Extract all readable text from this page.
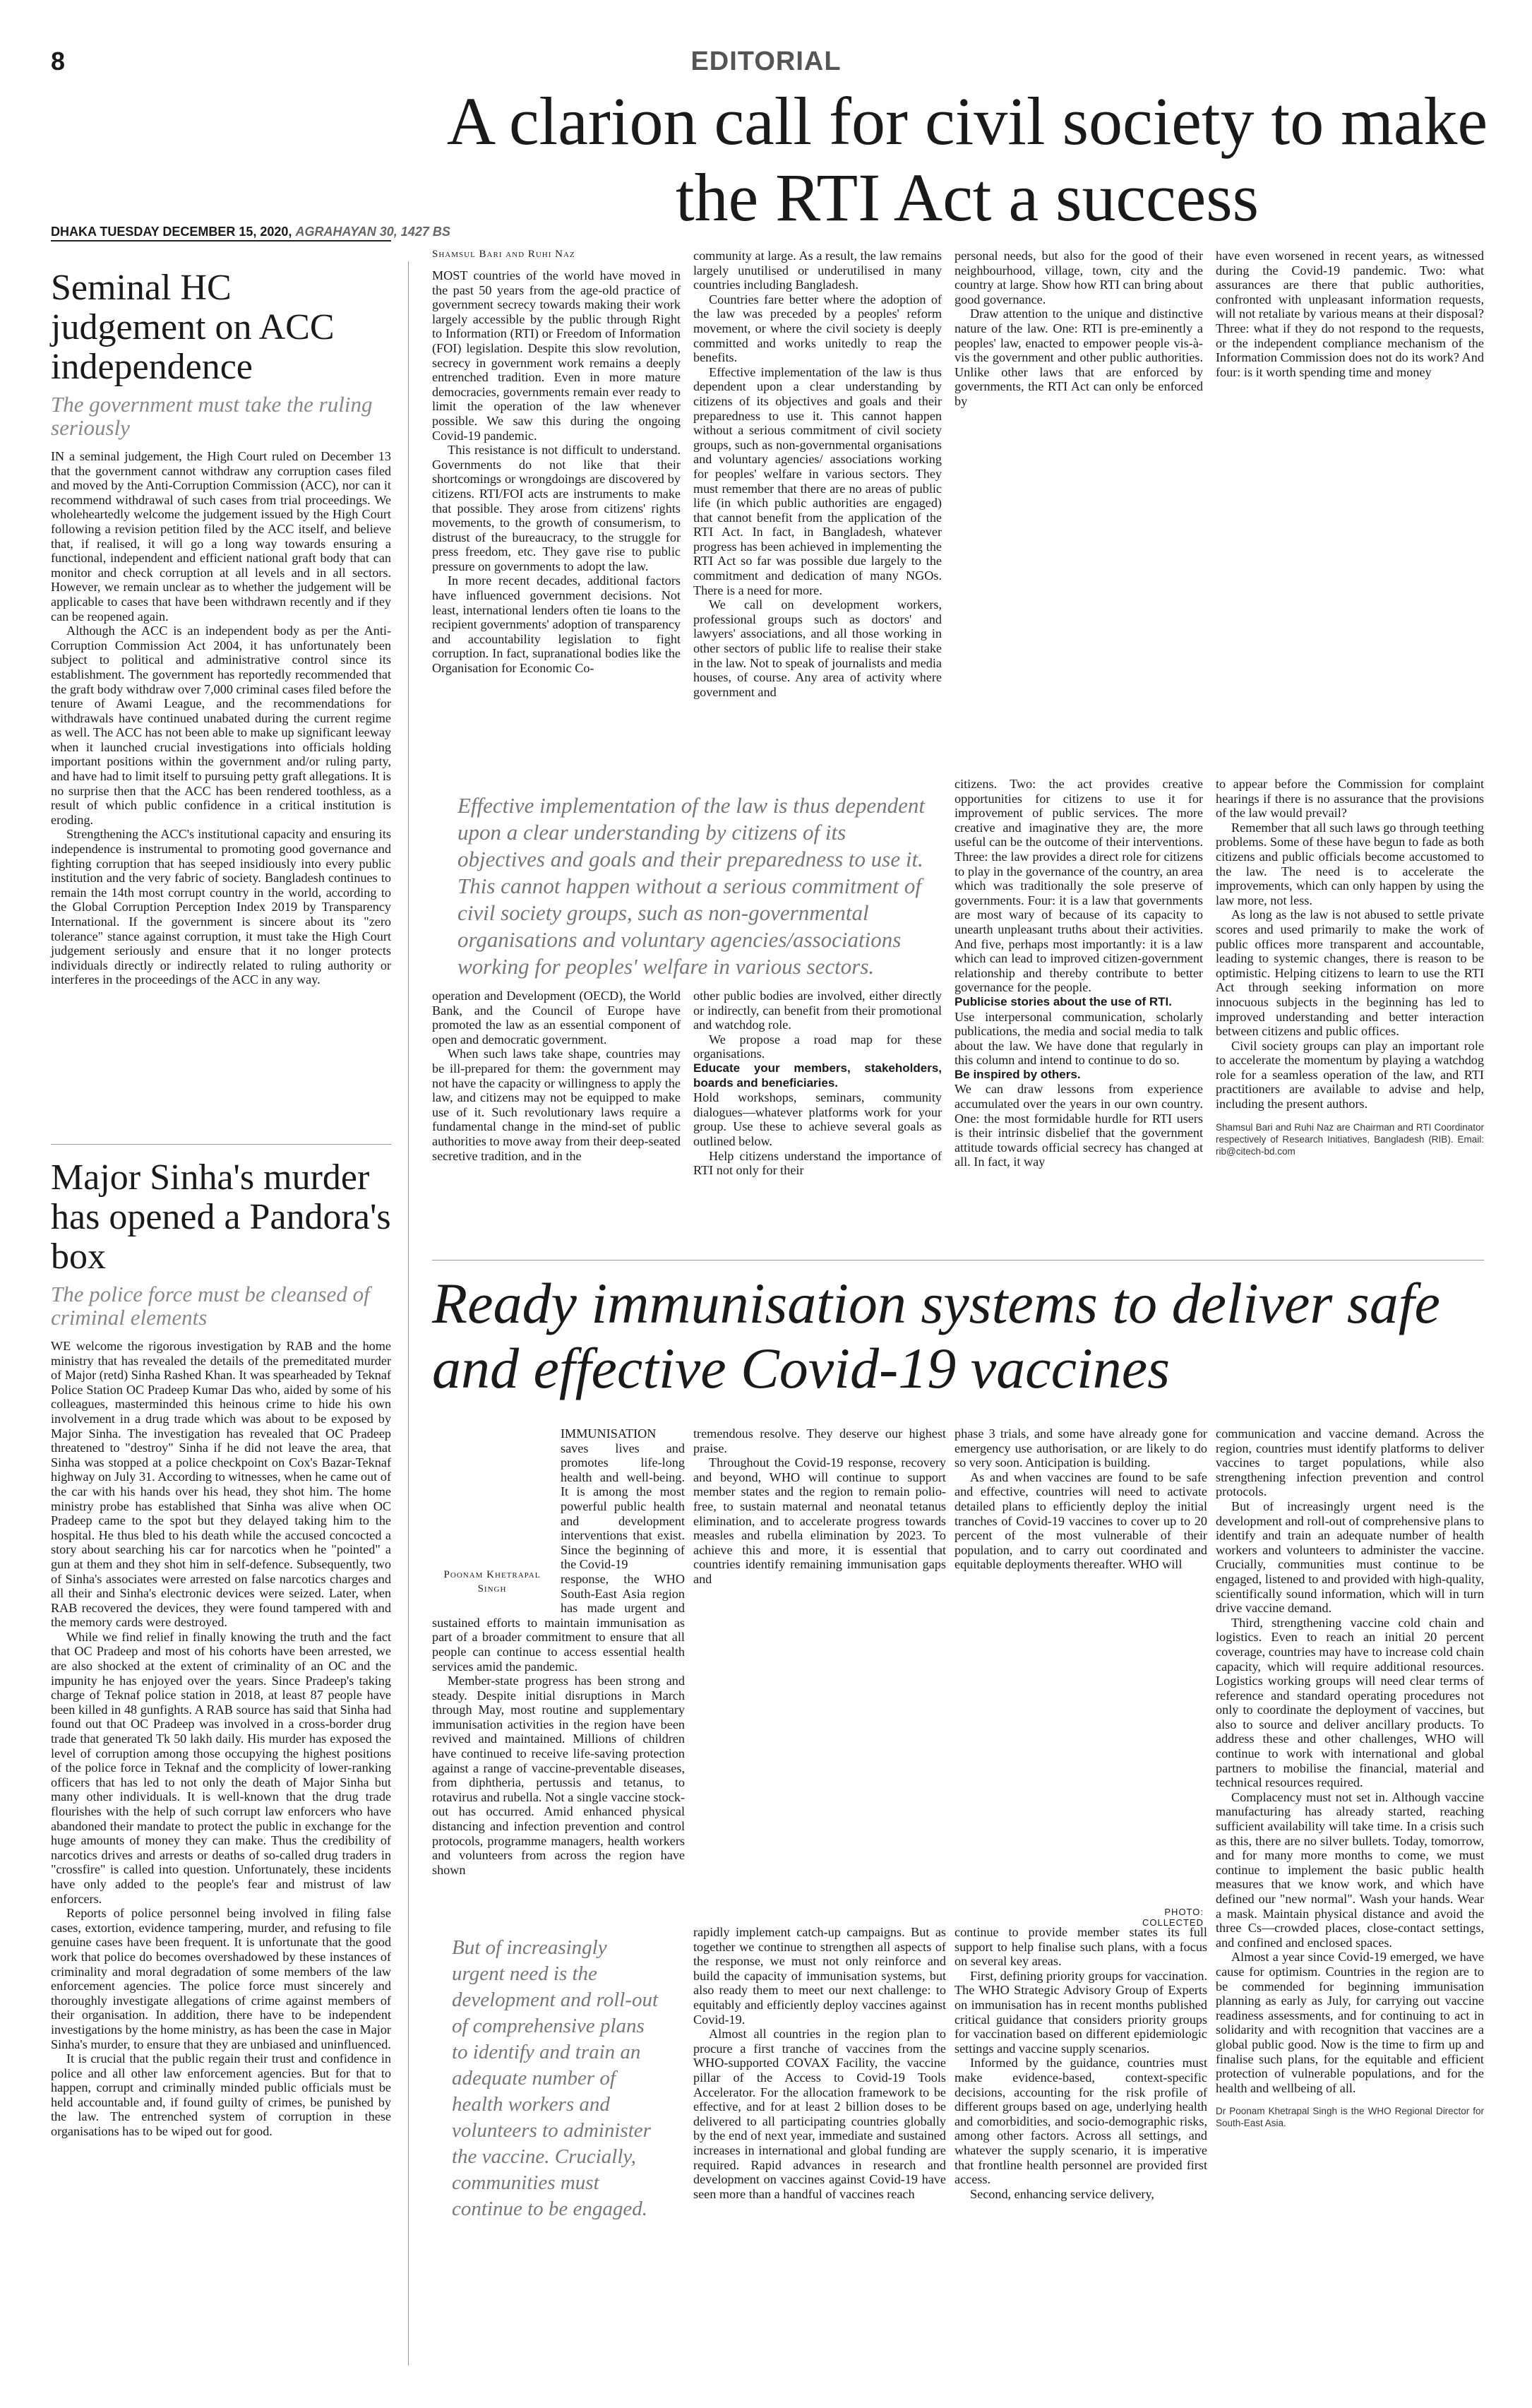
8	EDITORIAL
A clarion call for civil society to make the RTI Act a success
DHAKA TUESDAY DECEMBER 15, 2020, AGRAHAYAN 30, 1427 BS
Seminal HC judgement on ACC independence
The government must take the ruling seriously

IN a seminal judgement, the High Court ruled on December 13 that the government cannot withdraw any corruption cases filed and moved by the Anti-Corruption Commission (ACC), nor can it recommend withdrawal of such cases from trial proceedings. We wholeheartedly welcome the judgement issued by the High Court following a revision petition filed by the ACC itself, and believe that, if realised, it will go a long way towards ensuring a functional, independent and efficient national graft body that can monitor and check corruption at all levels and in all sectors. However, we remain unclear as to whether the judgement will be applicable to cases that have been withdrawn recently and if they can be reopened again.

Although the ACC is an independent body as per the Anti-Corruption Commission Act 2004, it has unfortunately been subject to political and administrative control since its establishment. The government has reportedly recommended that the graft body withdraw over 7,000 criminal cases filed before the tenure of Awami League, and the recommendations for withdrawals have continued unabated during the current regime as well. The ACC has not been able to make up significant leeway when it launched crucial investigations into officials holding important positions within the government and/or ruling party, and have had to limit itself to pursuing petty graft allegations. It is no surprise then that the ACC has been rendered toothless, as a result of which public confidence in a critical institution is eroding.

Strengthening the ACC's institutional capacity and ensuring its independence is instrumental to promoting good governance and fighting corruption that has seeped insidiously into every public institution and the very fabric of society. Bangladesh continues to remain the 14th most corrupt country in the world, according to the Global Corruption Perception Index 2019 by Transparency International. If the government is sincere about its "zero tolerance" stance against corruption, it must take the High Court judgement seriously and ensure that it no longer protects individuals directly or indirectly related to ruling authority or interferes in the proceedings of the ACC in any way.

Major Sinha's murder has opened a Pandora's box
The police force must be cleansed of criminal elements

WE welcome the rigorous investigation by RAB and the home ministry that has revealed the details of the premeditated murder of Major (retd) Sinha Rashed Khan. It was spearheaded by Teknaf Police Station OC Pradeep Kumar Das who, aided by some of his colleagues, masterminded this heinous crime to hide his own involvement in a drug trade which was about to be exposed by Major Sinha. The investigation has revealed that OC Pradeep threatened to "destroy" Sinha if he did not leave the area, that Sinha was stopped at a police checkpoint on Cox's Bazar-Teknaf highway on July 31. According to witnesses, when he came out of the car with his hands over his head, they shot him. The home ministry probe has established that Sinha was alive when OC Pradeep came to the spot but they delayed taking him to the hospital. He thus bled to his death while the accused concocted a story about searching his car for narcotics when he "pointed" a gun at them and they shot him in self-defence. Subsequently, two of Sinha's associates were arrested on false narcotics charges and all their and Sinha's electronic devices were seized. Later, when RAB recovered the devices, they were found tampered with and the memory cards were destroyed.

While we find relief in finally knowing the truth and the fact that OC Pradeep and most of his cohorts have been arrested, we are also shocked at the extent of criminality of an OC and the impunity he has enjoyed over the years. Since Pradeep's taking charge of Teknaf police station in 2018, at least 87 people have been killed in 48 gunfights. A RAB source has said that Sinha had found out that OC Pradeep was involved in a cross-border drug trade that generated Tk 50 lakh daily. His murder has exposed the level of corruption among those occupying the highest positions of the police force in Teknaf and the complicity of lower-ranking officers that has led to not only the death of Major Sinha but many other individuals. It is well-known that the drug trade flourishes with the help of such corrupt law enforcers who have abandoned their mandate to protect the public in exchange for the huge amounts of money they can make. Thus the credibility of narcotics drives and arrests or deaths of so-called drug traders in "crossfire" is called into question. Unfortunately, these incidents have only added to the people's fear and mistrust of law enforcers.

Reports of police personnel being involved in filing false cases, extortion, evidence tampering, murder, and refusing to file genuine cases have been frequent. It is unfortunate that the good work that police do becomes overshadowed by these instances of criminality and moral degradation of some members of the law enforcement agencies. The police force must sincerely and thoroughly investigate allegations of crime against members of their organisation. In addition, there have to be independent investigations by the home ministry, as has been the case in Major Sinha's murder, to ensure that they are unbiased and uninfluenced.

It is crucial that the public regain their trust and confidence in police and all other law enforcement agencies. But for that to happen, corrupt and criminally minded public officials must be held accountable and, if found guilty of crimes, be punished by the law. The entrenched system of corruption in these organisations has to be wiped out for good.

Shamsul Bari and Ruhi Naz

MOST countries of the world have moved in the past 50 years from the age-old practice of government secrecy towards making their work largely accessible by the public through Right to Information (RTI) or Freedom of Information (FOI) legislation. Despite this slow revolution, secrecy in government work remains a deeply entrenched tradition. Even in more mature democracies, governments remain ever ready to limit the operation of the law whenever possible. We saw this during the ongoing Covid-19 pandemic.

This resistance is not difficult to understand. Governments do not like that their shortcomings or wrongdoings are discovered by citizens. RTI/FOI acts are instruments to make that possible. They arose from citizens' rights movements, to the growth of consumerism, to distrust of the bureaucracy, to the struggle for press freedom, etc. They gave rise to public pressure on governments to adopt the law.

In more recent decades, additional factors have influenced government decisions. Not least, international lenders often tie loans to the recipient governments' adoption of transparency and accountability legislation to fight corruption. In fact, supranational bodies like the Organisation for Economic Co-

community at large. As a result, the law remains largely unutilised or underutilised in many countries including Bangladesh.

Countries fare better where the adoption of the law was preceded by a peoples' reform movement, or where the civil society is deeply committed and works unitedly to reap the benefits.

Effective implementation of the law is thus dependent upon a clear understanding by citizens of its objectives and goals and their preparedness to use it. This cannot happen without a serious commitment of civil society groups, such as non-governmental organisations and voluntary agencies/ associations working for peoples' welfare in various sectors. They must remember that there are no areas of public life (in which public authorities are engaged) that cannot benefit from the application of the RTI Act. In fact, in Bangladesh, whatever progress has been achieved in implementing the RTI Act so far was possible due largely to the commitment and dedication of many NGOs. There is a need for more.

We call on development workers, professional groups such as doctors' and lawyers' associations, and all those working in other sectors of public life to realise their stake in the law. Not to speak of journalists and media houses, of course. Any area of activity where government and

personal needs, but also for the good of their neighbourhood, village, town, city and the country at large. Show how RTI can bring about good governance.

Draw attention to the unique and distinctive nature of the law. One: RTI is pre-eminently a peoples' law, enacted to empower people vis-à-vis the government and other public authorities. Unlike other laws that are enforced by governments, the RTI Act can only be enforced by

have even worsened in recent years, as witnessed during the Covid-19 pandemic. Two: what assurances are there that public authorities, confronted with unpleasant information requests, will not retaliate by various means at their disposal? Three: what if they do not respond to the requests, or the independent compliance mechanism of the Information Commission does not do its work? And four: is it worth spending time and money

Effective implementation of the law is thus dependent upon a clear understanding by citizens of its objectives and goals and their preparedness to use it. This cannot happen without a serious commitment of civil society groups, such as non-governmental organisations and voluntary agencies/associations working for peoples' welfare in various sectors.

operation and Development (OECD), the World Bank, and the Council of Europe have promoted the law as an essential component of open and democratic government.

When such laws take shape, countries may be ill-prepared for them: the government may not have the capacity or willingness to apply the law, and citizens may not be equipped to make use of it. Such revolutionary laws require a fundamental change in the mind-set of public authorities to move away from their deep-seated secretive tradition, and in the

other public bodies are involved, either directly or indirectly, can benefit from their promotional and watchdog role.

We propose a road map for these organisations.

Educate your members, stakeholders, boards and beneficiaries.

Hold workshops, seminars, community dialogues—whatever platforms work for your group. Use these to achieve several goals as outlined below.

Help citizens understand the importance of RTI not only for their

citizens. Two: the act provides creative opportunities for citizens to use it for improvement of public services. The more creative and imaginative they are, the more useful can be the outcome of their interventions. Three: the law provides a direct role for citizens to play in the governance of the country, an area which was traditionally the sole preserve of governments. Four: it is a law that governments are most wary of because of its capacity to unearth unpleasant truths about their activities. And five, perhaps most importantly: it is a law which can lead to improved citizen-government relationship and thereby contribute to better governance for the people.

Publicise stories about the use of RTI.

Use interpersonal communication, scholarly publications, the media and social media to talk about the law. We have done that regularly in this column and intend to continue to do so.

Be inspired by others.

We can draw lessons from experience accumulated over the years in our own country. One: the most formidable hurdle for RTI users is their intrinsic disbelief that the government attitude towards official secrecy has changed at all. In fact, it way

to appear before the Commission for complaint hearings if there is no assurance that the provisions of the law would prevail?

Remember that all such laws go through teething problems. Some of these have begun to fade as both citizens and public officials become accustomed to the law. The need is to accelerate the improvements, which can only happen by using the law more, not less.

As long as the law is not abused to settle private scores and used primarily to make the work of public offices more transparent and accountable, leading to systemic changes, there is reason to be optimistic. Helping citizens to learn to use the RTI Act through seeking information on more innocuous subjects in the beginning has led to improved understanding and better interaction between citizens and public offices.

Civil society groups can play an important role to accelerate the momentum by playing a watchdog role for a seamless operation of the law, and RTI practitioners are available to advise and help, including the present authors.

Shamsul Bari and Ruhi Naz are Chairman and RTI Coordinator respectively of Research Initiatives, Bangladesh (RIB). Email: rib@citech-bd.com
Ready immunisation systems to deliver safe and effective Covid-19 vaccines
Poonam Khetrapal Singh

IMMUNISATION saves lives and promotes life-long health and well-being. It is among the most powerful public health and development interventions that exist. Since the beginning of the Covid-19

response, the WHO South-East Asia region has made urgent and sustained efforts to maintain immunisation as part of a broader commitment to ensure that all people can continue to access essential health services amid the pandemic.

Member-state progress has been strong and steady. Despite initial disruptions in March through May, most routine and supplementary immunisation activities in the region have been revived and maintained. Millions of children have continued to receive life-saving protection against a range of vaccine-preventable diseases, from diphtheria, pertussis and tetanus, to rotavirus and rubella. Not a single vaccine stock-out has occurred. Amid enhanced physical distancing and infection prevention and control protocols, programme managers, health workers and volunteers from across the region have shown

tremendous resolve. They deserve our highest praise.

Throughout the Covid-19 response, recovery and beyond, WHO will continue to support member states and the region to remain polio-free, to sustain maternal and neonatal tetanus elimination, and to accelerate progress towards measles and rubella elimination by 2023. To achieve this and more, it is essential that countries identify remaining immunisation gaps and

phase 3 trials, and some have already gone for emergency use authorisation, or are likely to do so very soon. Anticipation is building.

As and when vaccines are found to be safe and effective, countries will need to activate detailed plans to efficiently deploy the initial tranches of Covid-19 vaccines to cover up to 20 percent of the most vulnerable of their population, and to carry out coordinated and equitable deployments thereafter. WHO will

communication and vaccine demand. Across the region, countries must identify platforms to deliver vaccines to target populations, while also strengthening infection prevention and control protocols.

But of increasingly urgent need is the development and roll-out of comprehensive plans to identify and train an adequate number of health workers and volunteers to administer the vaccine. Crucially, communities must continue to be engaged, listened to and provided with high-quality, scientifically sound information, which will in turn drive vaccine demand.

Third, strengthening vaccine cold chain and logistics. Even to reach an initial 20 percent coverage, countries may have to increase cold chain capacity, which will require additional resources. Logistics working groups will need clear terms of reference and standard operating procedures not only to coordinate the deployment of vaccines, but also to source and deliver ancillary products. To address these and other challenges, WHO will continue to work with international and global partners to mobilise the financial, material and technical resources required.

Complacency must not set in. Although vaccine manufacturing has already started, reaching sufficient availability will take time. In a crisis such as this, there are no silver bullets. Today, tomorrow, and for many more months to come, we must continue to implement the basic public health measures that we know work, and which have defined our "new normal". Wash your hands. Wear a mask. Maintain physical distance and avoid the three Cs—crowded places, close-contact settings, and confined and enclosed spaces.

Almost a year since Covid-19 emerged, we have cause for optimism. Countries in the region are to be commended for beginning immunisation planning as early as July, for carrying out vaccine readiness assessments, and for continuing to act in solidarity and with recognition that vaccines are a global public good. Now is the time to firm up and finalise such plans, for the equitable and efficient protection of vulnerable populations, and for the health and wellbeing of all.

Dr Poonam Khetrapal Singh is the WHO Regional Director for South-East Asia.
PHOTO: COLLECTED
But of increasingly urgent need is the development and roll-out of comprehensive plans to identify and train an adequate number of health workers and volunteers to administer the vaccine. Crucially, communities must continue to be engaged.

rapidly implement catch-up campaigns. But as together we continue to strengthen all aspects of the response, we must not only reinforce and build the capacity of immunisation systems, but also ready them to meet our next challenge: to equitably and efficiently deploy vaccines against Covid-19.

Almost all countries in the region plan to procure a first tranche of vaccines from the WHO-supported COVAX Facility, the vaccine pillar of the Access to Covid-19 Tools Accelerator. For the allocation framework to be effective, and for at least 2 billion doses to be delivered to all participating countries globally by the end of next year, immediate and sustained increases in international and global funding are required. Rapid advances in research and development on vaccines against Covid-19 have seen more than a handful of vaccines reach

continue to provide member states its full support to help finalise such plans, with a focus on several key areas.

First, defining priority groups for vaccination. The WHO Strategic Advisory Group of Experts on immunisation has in recent months published critical guidance that considers priority groups for vaccination based on different epidemiologic settings and vaccine supply scenarios.

Informed by the guidance, countries must make evidence-based, context-specific decisions, accounting for the risk profile of different groups based on age, underlying health and comorbidities, and socio-demographic risks, among other factors. Across all settings, and whatever the supply scenario, it is imperative that frontline health personnel are provided first access.

Second, enhancing service delivery,
